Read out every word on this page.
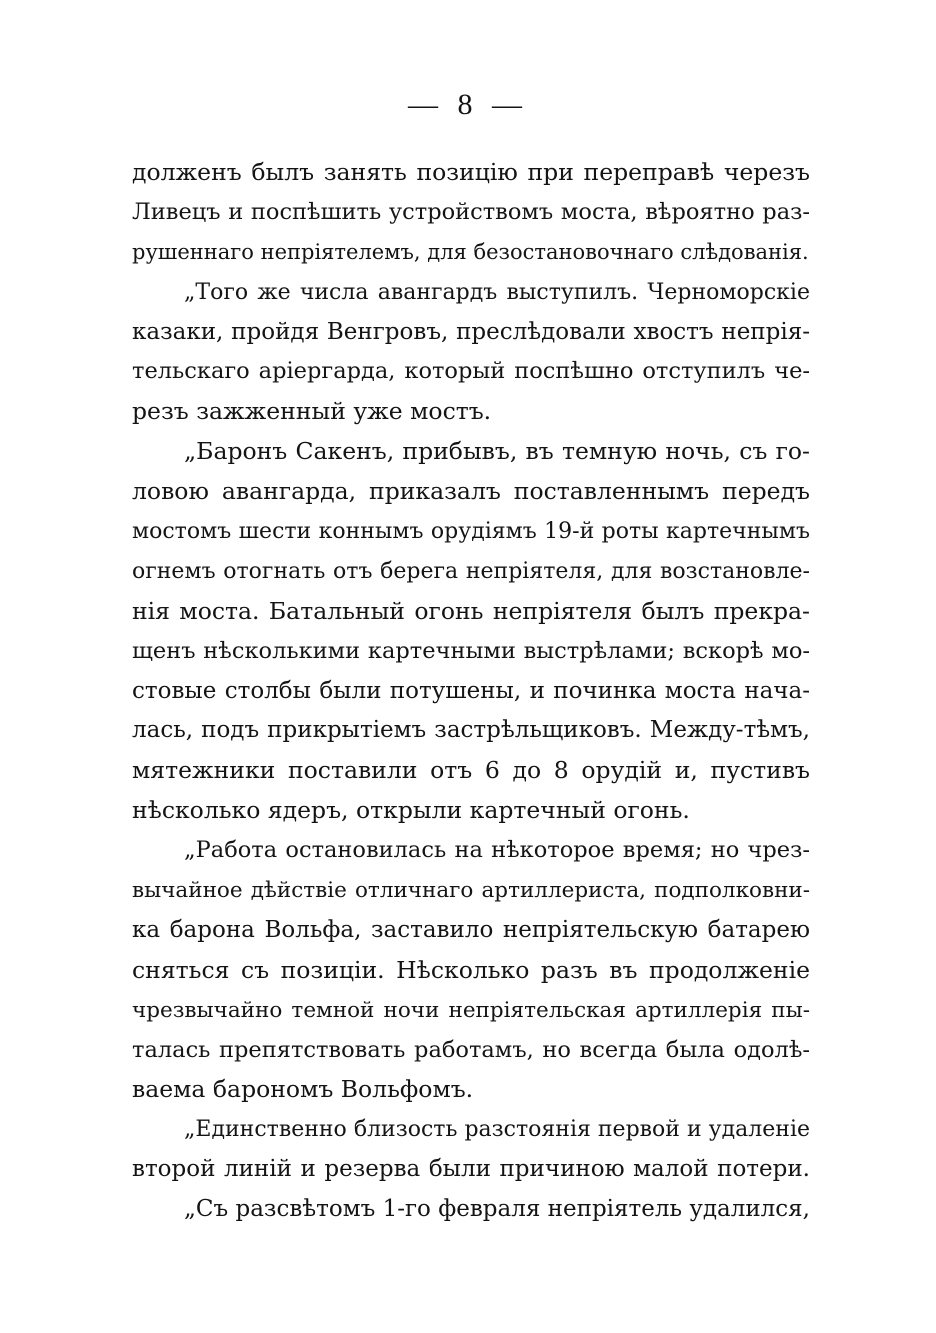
— 8 —
долженъ былъ занять позицію при переправѣ черезъ
Ливецъ и поспѣшить устройствомъ моста, вѣроятно раз-
рушеннаго непріятелемъ, для безостановочнаго слѣдованія.
„Того же числа авангардъ выступилъ. Черноморскіе
казаки, пройдя Венгровъ, преслѣдовали хвостъ непрія-
тельскаго аріергарда, который поспѣшно отступилъ че-
резъ зажженный уже мостъ.
„Баронъ Сакенъ, прибывъ, въ темную ночь, съ го-
ловою авангарда, приказалъ поставленнымъ передъ
мостомъ шести коннымъ орудіямъ 19-й роты картечнымъ
огнемъ отогнать отъ берега непріятеля, для возстановле-
нія моста. Батальный огонь непріятеля былъ прекра-
щенъ нѣсколькими картечными выстрѣлами; вскорѣ мо-
стовые столбы были потушены, и починка моста нача-
лась, подъ прикрытіемъ застрѣльщиковъ. Между-тѣмъ,
мятежники поставили отъ 6 до 8 орудій и, пустивъ
нѣсколько ядеръ, открыли картечный огонь.
„Работа остановилась на нѣкоторое время; но чрез-
вычайное дѣйствіе отличнаго артиллериста, подполковни-
ка барона Вольфа, заставило непріятельскую батарею
сняться съ позиціи. Нѣсколько разъ въ продолженіе
чрезвычайно темной ночи непріятельская артиллерія пы-
талась препятствовать работамъ, но всегда была одолѣ-
ваема барономъ Вольфомъ.
„Единственно близость разстоянія первой и удаленіе
второй линій и резерва были причиною малой потери.
„Съ разсвѣтомъ 1-го февраля непріятель удалился,
